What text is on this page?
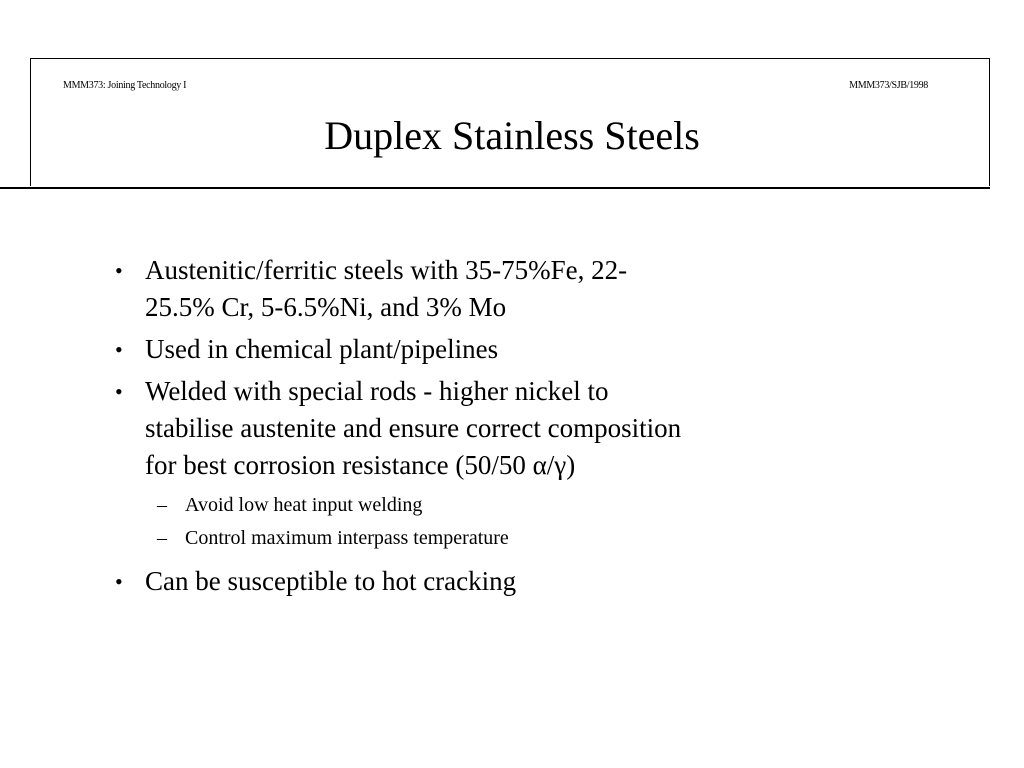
MMM373: Joining Technology I	MMM373/SJB/1998
Duplex Stainless Steels
• Austenitic/ferritic steels with 35-75%Fe, 22-
25.5% Cr, 5-6.5%Ni, and 3% Mo
• Used in chemical plant/pipelines
• Welded with special rods - higher nickel to
stabilise austenite and ensure correct composition
for best corrosion resistance (50/50 α/γ)
– Avoid low heat input welding
– Control maximum interpass temperature
• Can be susceptible to hot cracking
